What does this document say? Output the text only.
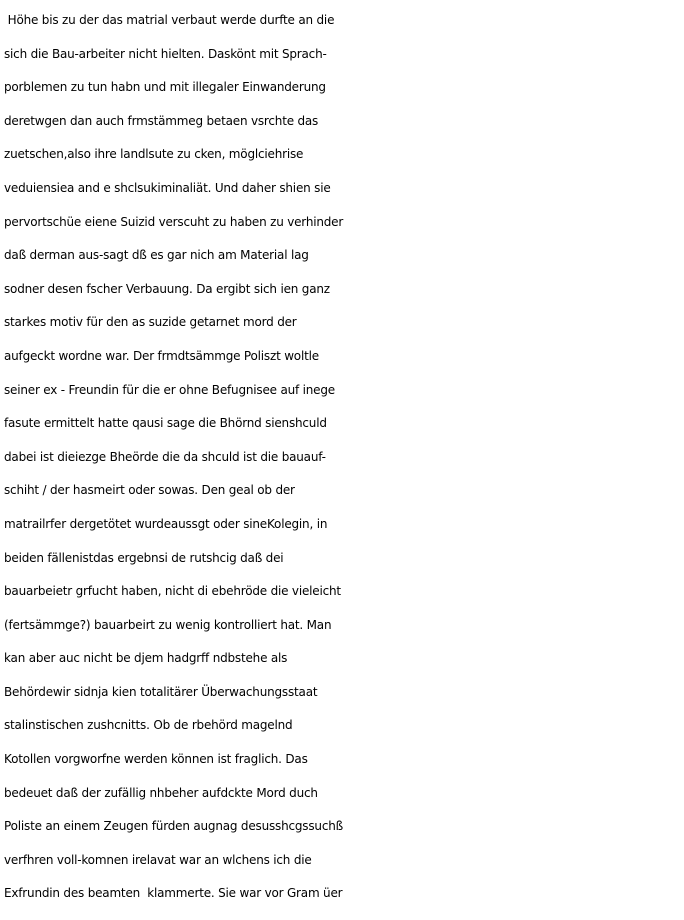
Höhe bis zu der das matrial verbaut werde durfte an die
sich die Bau-arbeiter nicht hielten. Daskönt mit Sprach-
porblemen zu tun habn und mit illegaler Einwanderung
deretwgen dan auch frmstämmeg betaen vsrchte das
zuetschen,also ihre landlsute zu cken, möglciehrise
veduiensiea and e shclsukiminaliät. Und daher shien sie
pervortschüe eiene Suizid verscuht zu haben zu verhinder
daß derman aus-sagt dß es gar nich am Material lag
sodner desen fscher Verbauung. Da ergibt sich ien ganz
starkes motiv für den as suzide getarnet mord der
aufgeckt wordne war. Der frmdtsämmge Poliszt woltle
seiner ex - Freundin für die er ohne Befugnisee auf inege
fasute ermittelt hatte qausi sage die Bhörnd sienshculd
dabei ist dieiezge Bheörde die da shculd ist die bauauf-
schiht / der hasmeirt oder sowas. Den geal ob der
matrailrfer dergetötet wurdeaussgt oder sineKolegin, in
beiden fällenistdas ergebnsi de rutshcig daß dei
bauarbeietr grfucht haben, nicht di ebehröde die vieleicht
(fertsämmge?) bauarbeirt zu wenig kontrolliert hat. Man
kan aber auc nicht be djem hadgrff ndbstehe als
Behördewir sidnja kien totalitärer Überwachungsstaat
stalinstischen zushcnitts. Ob de rbehörd magelnd
Kotollen vorgworfne werden können ist fraglich. Das
bedeuet daß der zufällig nhbeher aufdckte Mord duch
Poliste an einem Zeugen fürden augnag desusshcgssuchß
verfhren voll-komnen irelavat war an wlchens ich die
Exfrundin des beamten  klammerte. Sie war vor Gram üer
